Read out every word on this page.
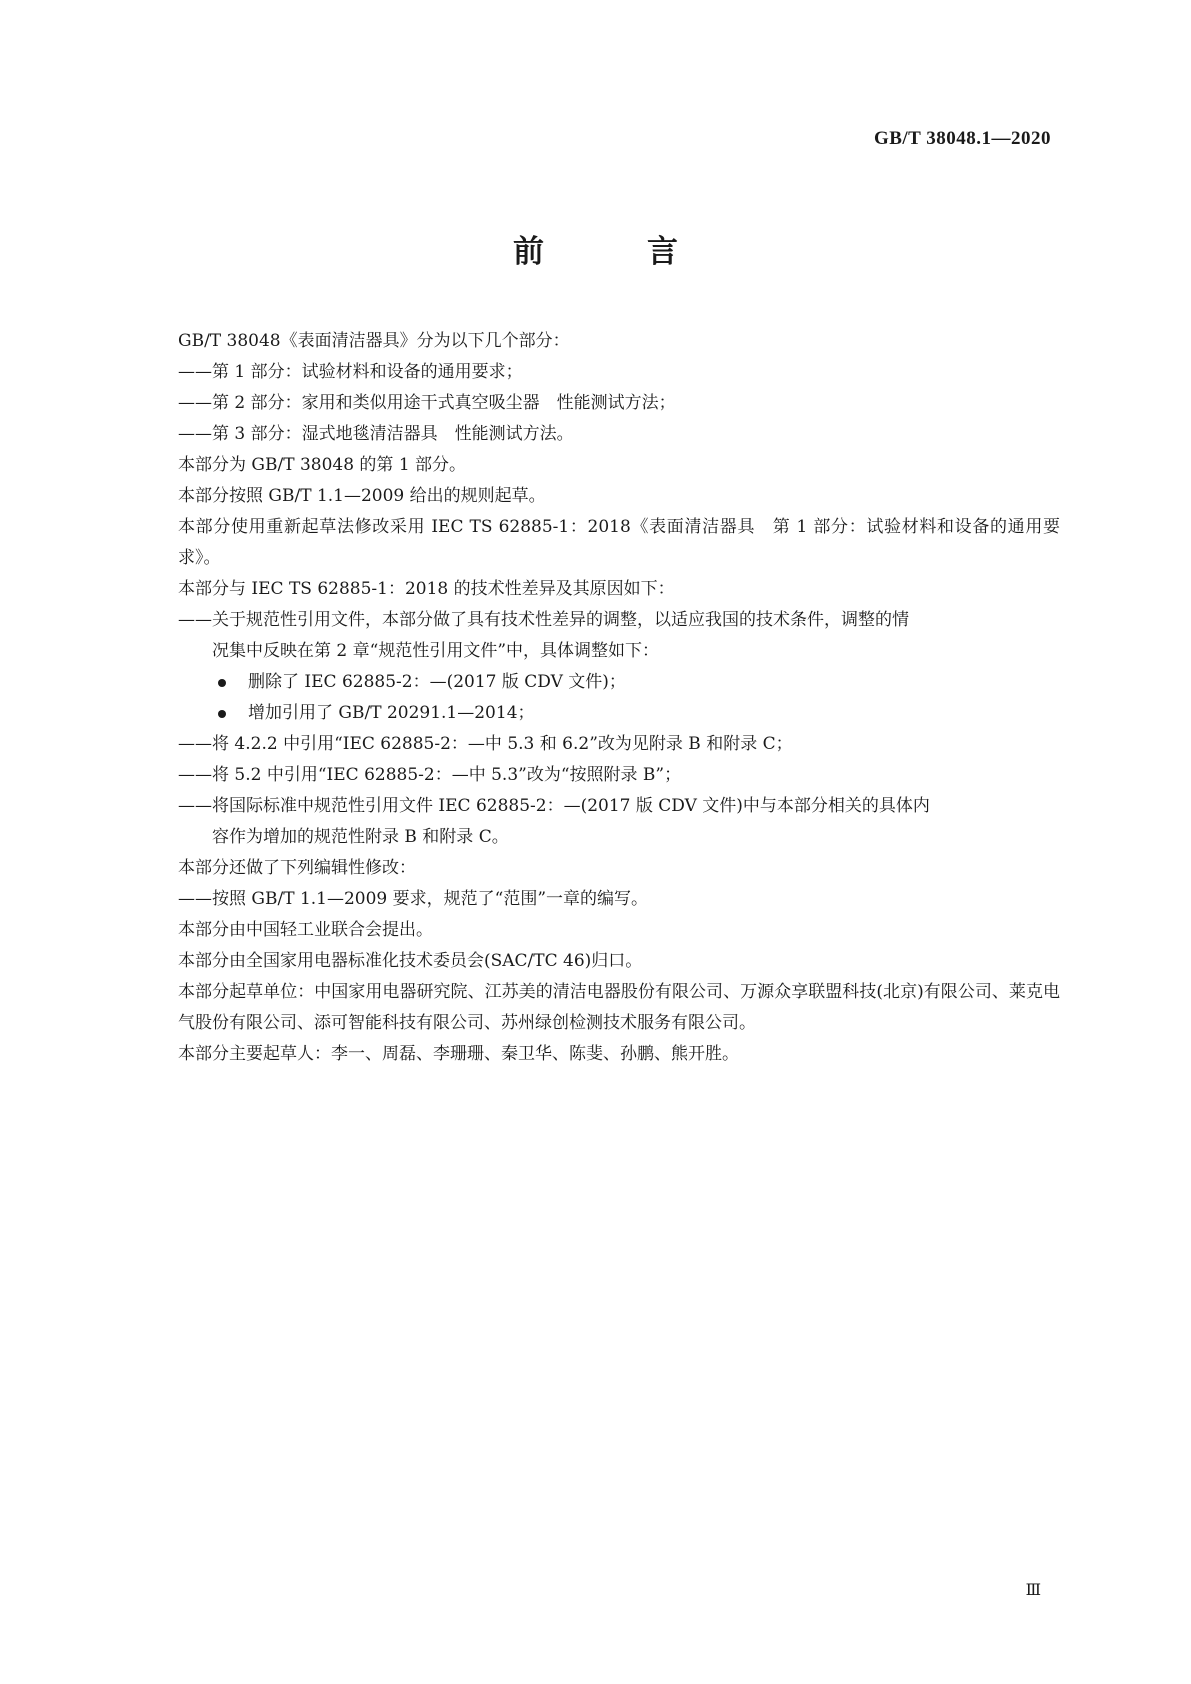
GB/T 38048.1—2020
前　言
GB/T 38048《表面清洁器具》分为以下几个部分：
——第 1 部分：试验材料和设备的通用要求；
——第 2 部分：家用和类似用途干式真空吸尘器　性能测试方法；
——第 3 部分：湿式地毯清洁器具　性能测试方法。
本部分为 GB/T 38048 的第 1 部分。
本部分按照 GB/T 1.1—2009 给出的规则起草。
本部分使用重新起草法修改采用 IEC TS 62885-1：2018《表面清洁器具　第 1 部分：试验材料和设备的通用要求》。
本部分与 IEC TS 62885-1：2018 的技术性差异及其原因如下：
——关于规范性引用文件，本部分做了具有技术性差异的调整，以适应我国的技术条件，调整的情
况集中反映在第 2 章“规范性引用文件”中，具体调整如下：
删除了 IEC 62885-2：—(2017 版 CDV 文件)；
增加引用了 GB/T 20291.1—2014；
——将 4.2.2 中引用“IEC 62885-2：—中 5.3 和 6.2”改为见附录 B 和附录 C；
——将 5.2 中引用“IEC 62885-2：—中 5.3”改为“按照附录 B”；
——将国际标准中规范性引用文件 IEC 62885-2：—(2017 版 CDV 文件)中与本部分相关的具体内
容作为增加的规范性附录 B 和附录 C。
本部分还做了下列编辑性修改：
——按照 GB/T 1.1—2009 要求，规范了“范围”一章的编写。
本部分由中国轻工业联合会提出。
本部分由全国家用电器标准化技术委员会(SAC/TC 46)归口。
本部分起草单位：中国家用电器研究院、江苏美的清洁电器股份有限公司、万源众享联盟科技(北京)有限公司、莱克电气股份有限公司、添可智能科技有限公司、苏州绿创检测技术服务有限公司。
本部分主要起草人：李一、周磊、李珊珊、秦卫华、陈斐、孙鹏、熊开胜。
Ⅲ
